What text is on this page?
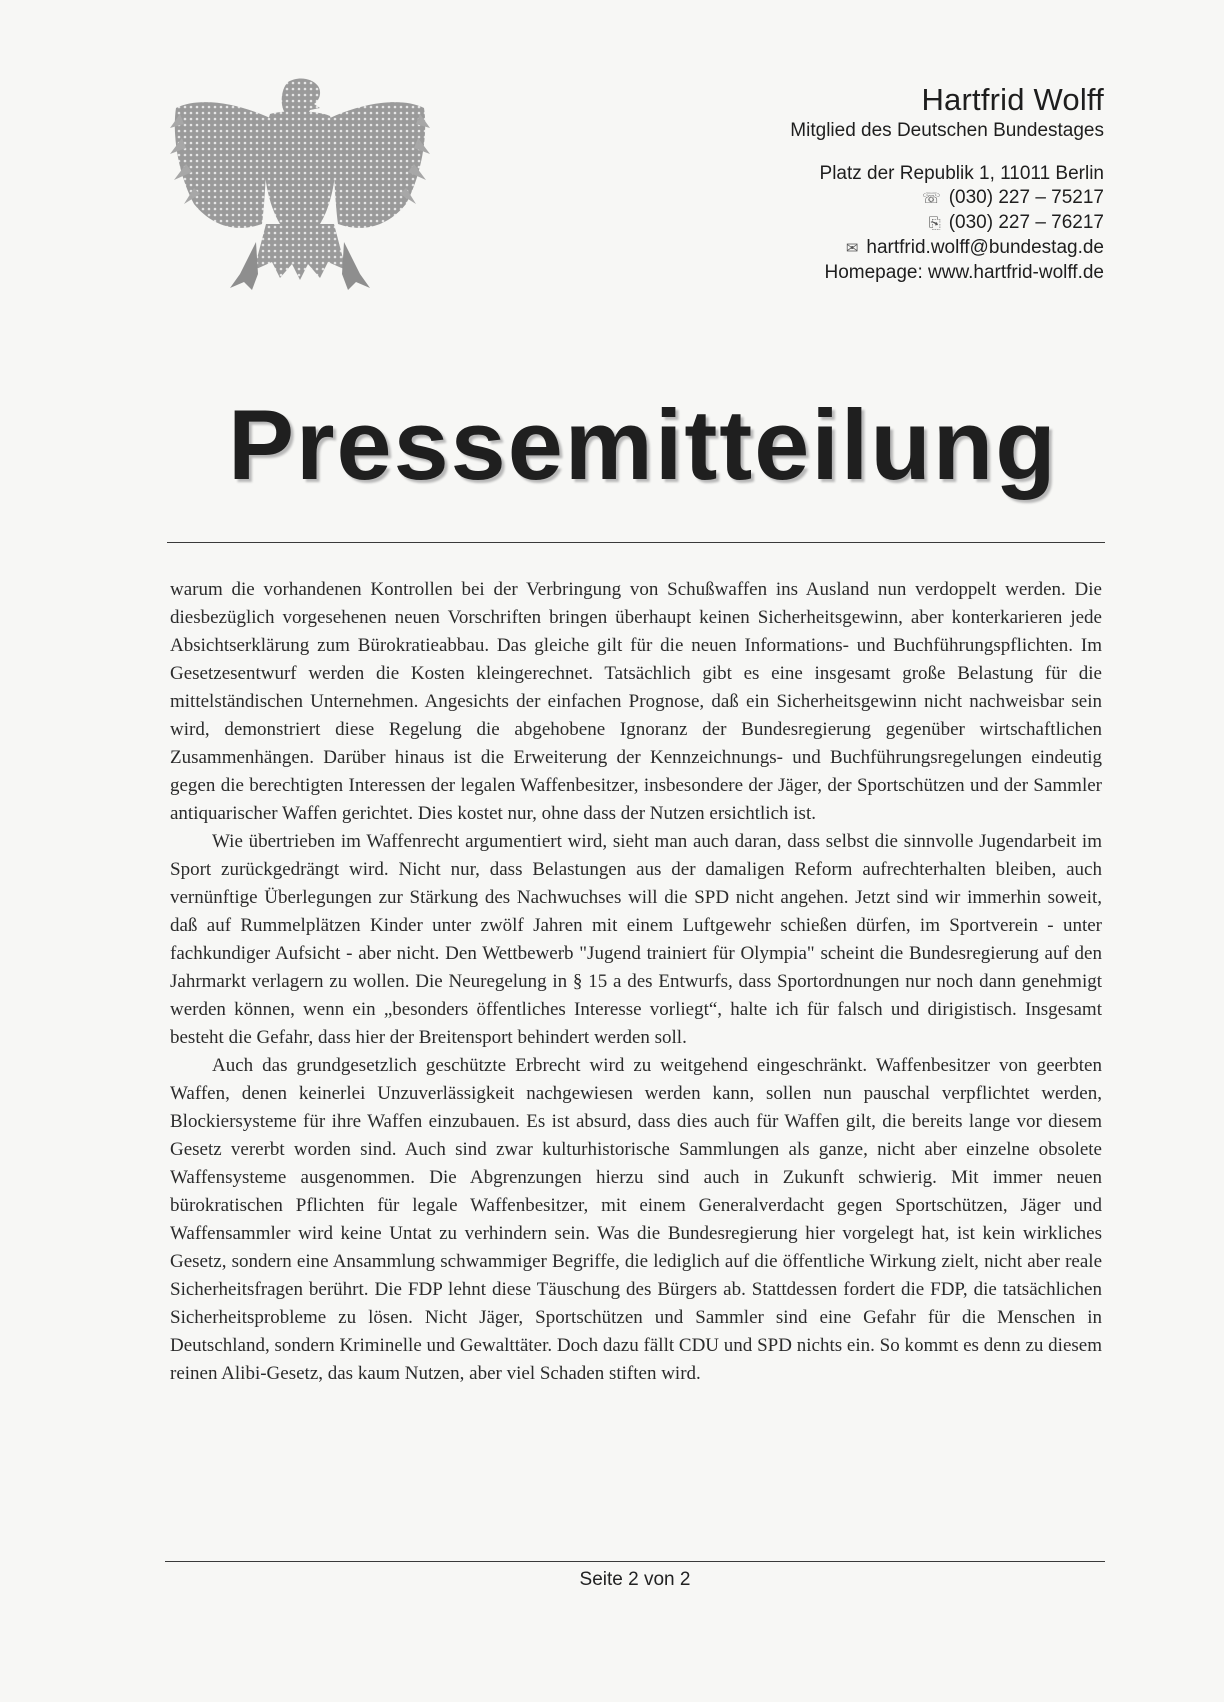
Hartfrid Wolff
Mitglied des Deutschen Bundestages
Platz der Republik 1, 11011 Berlin
☏ (030) 227 – 75217
⎘ (030) 227 – 76217
✉ hartfrid.wolff@bundestag.de
Homepage: www.hartfrid-wolff.de
Pressemitteilung

warum die vorhandenen Kontrollen bei der Verbringung von Schußwaffen ins Ausland nun verdoppelt werden. Die diesbezüglich vorgesehenen neuen Vorschriften bringen überhaupt keinen Sicherheitsgewinn, aber konterkarieren jede Absichtserklärung zum Bürokratieabbau. Das gleiche gilt für die neuen Informations- und Buchführungspflichten. Im Gesetzesentwurf werden die Kosten kleingerechnet. Tatsächlich gibt es eine insgesamt große Belastung für die mittelständischen Unternehmen. Angesichts der einfachen Prognose, daß ein Sicherheitsgewinn nicht nachweisbar sein wird, demonstriert diese Regelung die abgehobene Ignoranz der Bundesregierung gegenüber wirtschaftlichen Zusammenhängen. Darüber hinaus ist die Erweiterung der Kennzeichnungs- und Buchführungsregelungen eindeutig gegen die berechtigten Interessen der legalen Waffenbesitzer, insbesondere der Jäger, der Sportschützen und der Sammler antiquarischer Waffen gerichtet. Dies kostet nur, ohne dass der Nutzen ersichtlich ist.

Wie übertrieben im Waffenrecht argumentiert wird, sieht man auch daran, dass selbst die sinnvolle Jugendarbeit im Sport zurückgedrängt wird. Nicht nur, dass Belastungen aus der damaligen Reform aufrechterhalten bleiben, auch vernünftige Überlegungen zur Stärkung des Nachwuchses will die SPD nicht angehen. Jetzt sind wir immerhin soweit, daß auf Rummelplätzen Kinder unter zwölf Jahren mit einem Luftgewehr schießen dürfen, im Sportverein - unter fachkundiger Aufsicht - aber nicht. Den Wettbewerb "Jugend trainiert für Olympia" scheint die Bundesregierung auf den Jahrmarkt verlagern zu wollen. Die Neuregelung in § 15 a des Entwurfs, dass Sportordnungen nur noch dann genehmigt werden können, wenn ein „besonders öffentliches Interesse vorliegt“, halte ich für falsch und dirigistisch. Insgesamt besteht die Gefahr, dass hier der Breitensport behindert werden soll.

Auch das grundgesetzlich geschützte Erbrecht wird zu weitgehend eingeschränkt. Waffenbesitzer von geerbten Waffen, denen keinerlei Unzuverlässigkeit nachgewiesen werden kann, sollen nun pauschal verpflichtet werden, Blockiersysteme für ihre Waffen einzubauen. Es ist absurd, dass dies auch für Waffen gilt, die bereits lange vor diesem Gesetz vererbt worden sind. Auch sind zwar kulturhistorische Sammlungen als ganze, nicht aber einzelne obsolete Waffensysteme ausgenommen. Die Abgrenzungen hierzu sind auch in Zukunft schwierig. Mit immer neuen bürokratischen Pflichten für legale Waffenbesitzer, mit einem Generalverdacht gegen Sportschützen, Jäger und Waffensammler wird keine Untat zu verhindern sein. Was die Bundesregierung hier vorgelegt hat, ist kein wirkliches Gesetz, sondern eine Ansammlung schwammiger Begriffe, die lediglich auf die öffentliche Wirkung zielt, nicht aber reale Sicherheitsfragen berührt. Die FDP lehnt diese Täuschung des Bürgers ab. Stattdessen fordert die FDP, die tatsächlichen Sicherheitsprobleme zu lösen. Nicht Jäger, Sportschützen und Sammler sind eine Gefahr für die Menschen in Deutschland, sondern Kriminelle und Gewalttäter. Doch dazu fällt CDU und SPD nichts ein. So kommt es denn zu diesem reinen Alibi-Gesetz, das kaum Nutzen, aber viel Schaden stiften wird.

Seite 2 von 2
